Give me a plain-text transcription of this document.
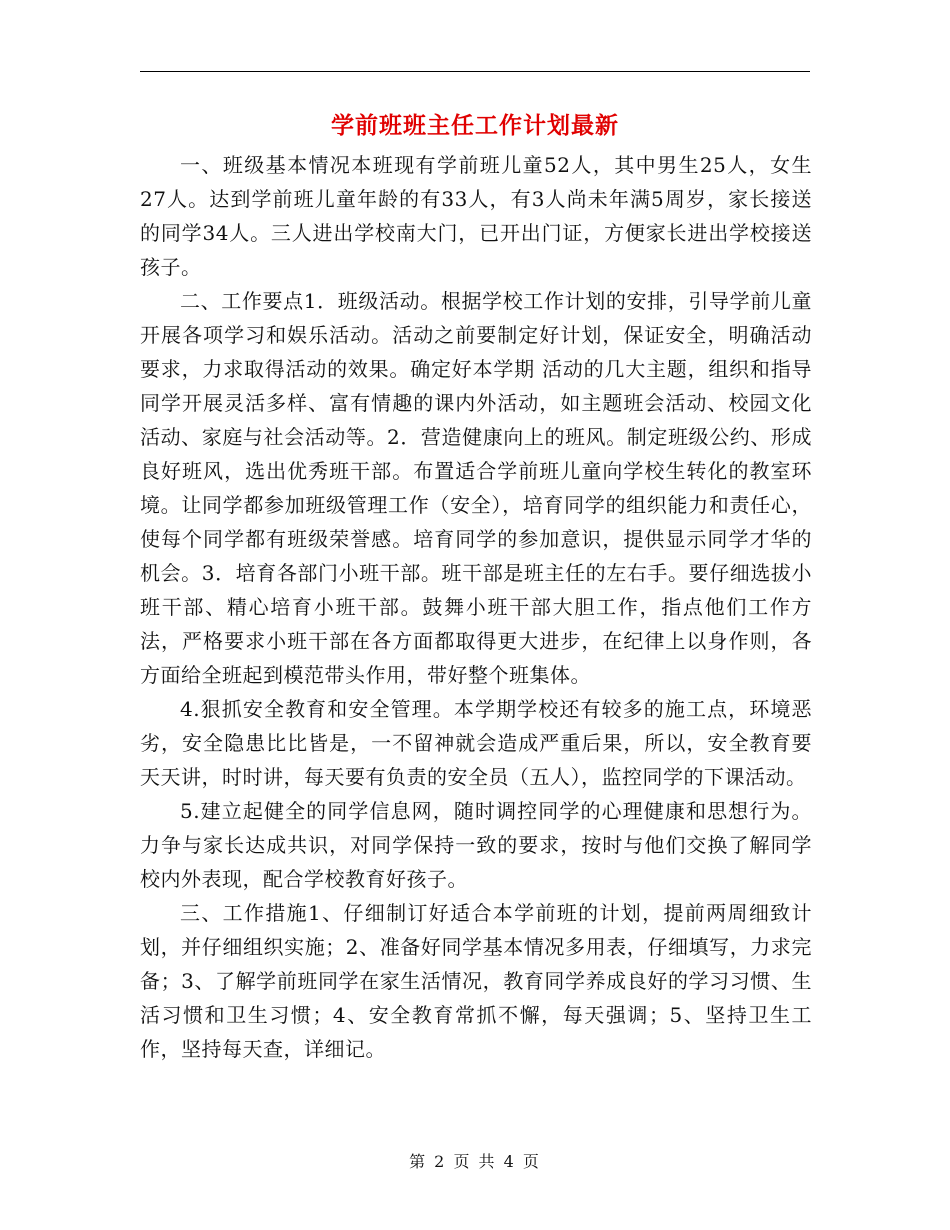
学前班班主任工作计划最新

一、班级基本情况本班现有学前班儿童52人，其中男生25人，女生27人。达到学前班儿童年龄的有33人，有3人尚未年满5周岁，家长接送的同学34人。三人进出学校南大门，已开出门证，方便家长进出学校接送孩子。

二、工作要点1．班级活动。根据学校工作计划的安排，引导学前儿童开展各项学习和娱乐活动。活动之前要制定好计划，保证安全，明确活动要求，力求取得活动的效果。确定好本学期 活动的几大主题，组织和指导同学开展灵活多样、富有情趣的课内外活动，如主题班会活动、校园文化活动、家庭与社会活动等。2．营造健康向上的班风。制定班级公约、形成良好班风，选出优秀班干部。布置适合学前班儿童向学校生转化的教室环境。让同学都参加班级管理工作（安全），培育同学的组织能力和责任心，使每个同学都有班级荣誉感。培育同学的参加意识，提供显示同学才华的机会。3．培育各部门小班干部。班干部是班主任的左右手。要仔细选拔小班干部、精心培育小班干部。鼓舞小班干部大胆工作，指点他们工作方法，严格要求小班干部在各方面都取得更大进步，在纪律上以身作则，各方面给全班起到模范带头作用，带好整个班集体。

4.狠抓安全教育和安全管理。本学期学校还有较多的施工点，环境恶劣，安全隐患比比皆是，一不留神就会造成严重后果，所以，安全教育要天天讲，时时讲，每天要有负责的安全员（五人），监控同学的下课活动。

5.建立起健全的同学信息网，随时调控同学的心理健康和思想行为。力争与家长达成共识，对同学保持一致的要求，按时与他们交换了解同学校内外表现，配合学校教育好孩子。

三、工作措施1、仔细制订好适合本学前班的计划，提前两周细致计划，并仔细组织实施；2、准备好同学基本情况多用表，仔细填写，力求完备；3、了解学前班同学在家生活情况，教育同学养成良好的学习习惯、生活习惯和卫生习惯；4、安全教育常抓不懈，每天强调；5、坚持卫生工作，坚持每天查，详细记。

第 2 页 共 4 页
